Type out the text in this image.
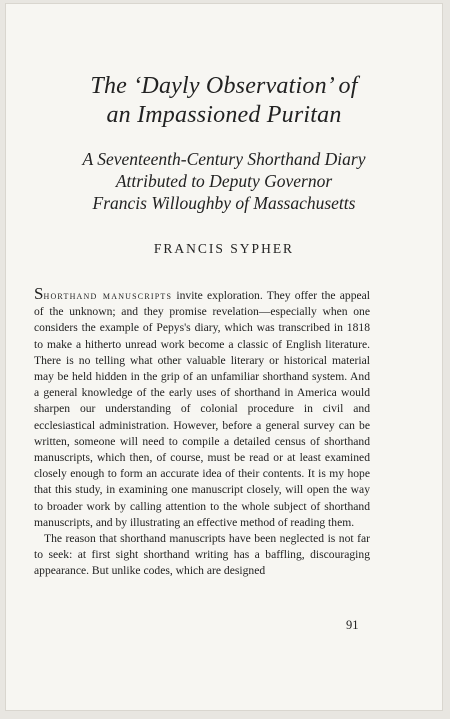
The ‘Dayly Observation’ of
an Impassioned Puritan
A Seventeenth-Century Shorthand Diary
Attributed to Deputy Governor
Francis Willoughby of Massachusetts
FRANCIS SYPHER

Shorthand manuscripts invite exploration. They offer the appeal of the unknown; and they promise revelation—especially when one considers the example of Pepys's diary, which was transcribed in 1818 to make a hitherto unread work become a classic of English literature. There is no telling what other valuable literary or historical material may be held hidden in the grip of an unfamiliar shorthand system. And a general knowledge of the early uses of shorthand in America would sharpen our understanding of colonial procedure in civil and ecclesiastical administration. However, before a general survey can be written, someone will need to compile a detailed census of shorthand manuscripts, which then, of course, must be read or at least examined closely enough to form an accurate idea of their contents. It is my hope that this study, in examining one manuscript closely, will open the way to broader work by calling attention to the whole subject of shorthand manuscripts, and by illustrating an effective method of reading them.

The reason that shorthand manuscripts have been neglected is not far to seek: at first sight shorthand writing has a baffling, discouraging appearance. But unlike codes, which are designed

91
